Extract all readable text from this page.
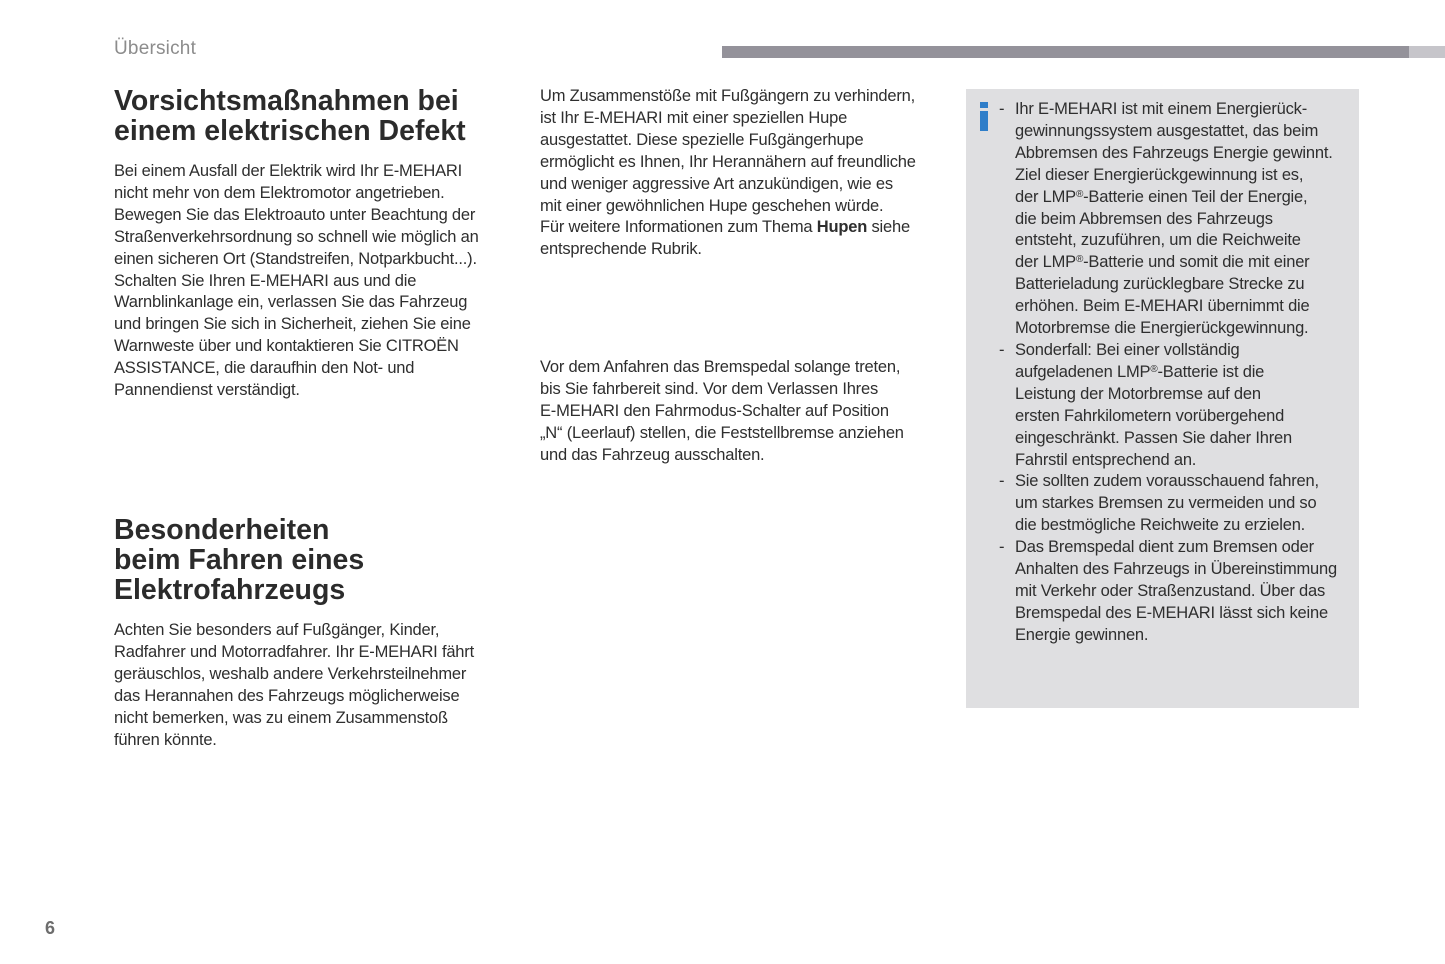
Übersicht
Vorsichtsmaßnahmen bei
einem elektrischen Defekt

Bei einem Ausfall der Elektrik wird Ihr E-MEHARI
nicht mehr von dem Elektromotor angetrieben.
Bewegen Sie das Elektroauto unter Beachtung der
Straßenverkehrsordnung so schnell wie möglich an
einen sicheren Ort (Standstreifen, Notparkbucht...).
Schalten Sie Ihren E-MEHARI aus und die
Warnblinkanlage ein, verlassen Sie das Fahrzeug
und bringen Sie sich in Sicherheit, ziehen Sie eine
Warnweste über und kontaktieren Sie CITROËN
ASSISTANCE, die daraufhin den Not- und
Pannendienst verständigt.

Besonderheiten
beim Fahren eines
Elektrofahrzeugs

Achten Sie besonders auf Fußgänger, Kinder,
Radfahrer und Motorradfahrer. Ihr E-MEHARI fährt
geräuschlos, weshalb andere Verkehrsteilnehmer
das Herannahen des Fahrzeugs möglicherweise
nicht bemerken, was zu einem Zusammenstoß
führen könnte.

Um Zusammenstöße mit Fußgängern zu verhindern,
ist Ihr E-MEHARI mit einer speziellen Hupe
ausgestattet. Diese spezielle Fußgängerhupe
ermöglicht es Ihnen, Ihr Herannähern auf freundliche
und weniger aggressive Art anzukündigen, wie es
mit einer gewöhnlichen Hupe geschehen würde.
Für weitere Informationen zum Thema Hupen siehe
entsprechende Rubrik.

Vor dem Anfahren das Bremspedal solange treten,
bis Sie fahrbereit sind. Vor dem Verlassen Ihres
E-MEHARI den Fahrmodus-Schalter auf Position
„N“ (Leerlauf) stellen, die Feststellbremse anziehen
und das Fahrzeug ausschalten.

- Ihr E-MEHARI ist mit einem Energierück-
gewinnungssystem ausgestattet, das beim
Abbremsen des Fahrzeugs Energie gewinnt.
Ziel dieser Energierückgewinnung ist es,
der LMP®-Batterie einen Teil der Energie,
die beim Abbremsen des Fahrzeugs
entsteht, zuzuführen, um die Reichweite
der LMP®-Batterie und somit die mit einer
Batterieladung zurücklegbare Strecke zu
erhöhen. Beim E-MEHARI übernimmt die
Motorbremse die Energierückgewinnung.
- Sonderfall: Bei einer vollständig
aufgeladenen LMP®-Batterie ist die
Leistung der Motorbremse auf den
ersten Fahrkilometern vorübergehend
eingeschränkt. Passen Sie daher Ihren
Fahrstil entsprechend an.
- Sie sollten zudem vorausschauend fahren,
um starkes Bremsen zu vermeiden und so
die bestmögliche Reichweite zu erzielen.
- Das Bremspedal dient zum Bremsen oder
Anhalten des Fahrzeugs in Übereinstimmung
mit Verkehr oder Straßenzustand. Über das
Bremspedal des E-MEHARI lässt sich keine
Energie gewinnen.
6
